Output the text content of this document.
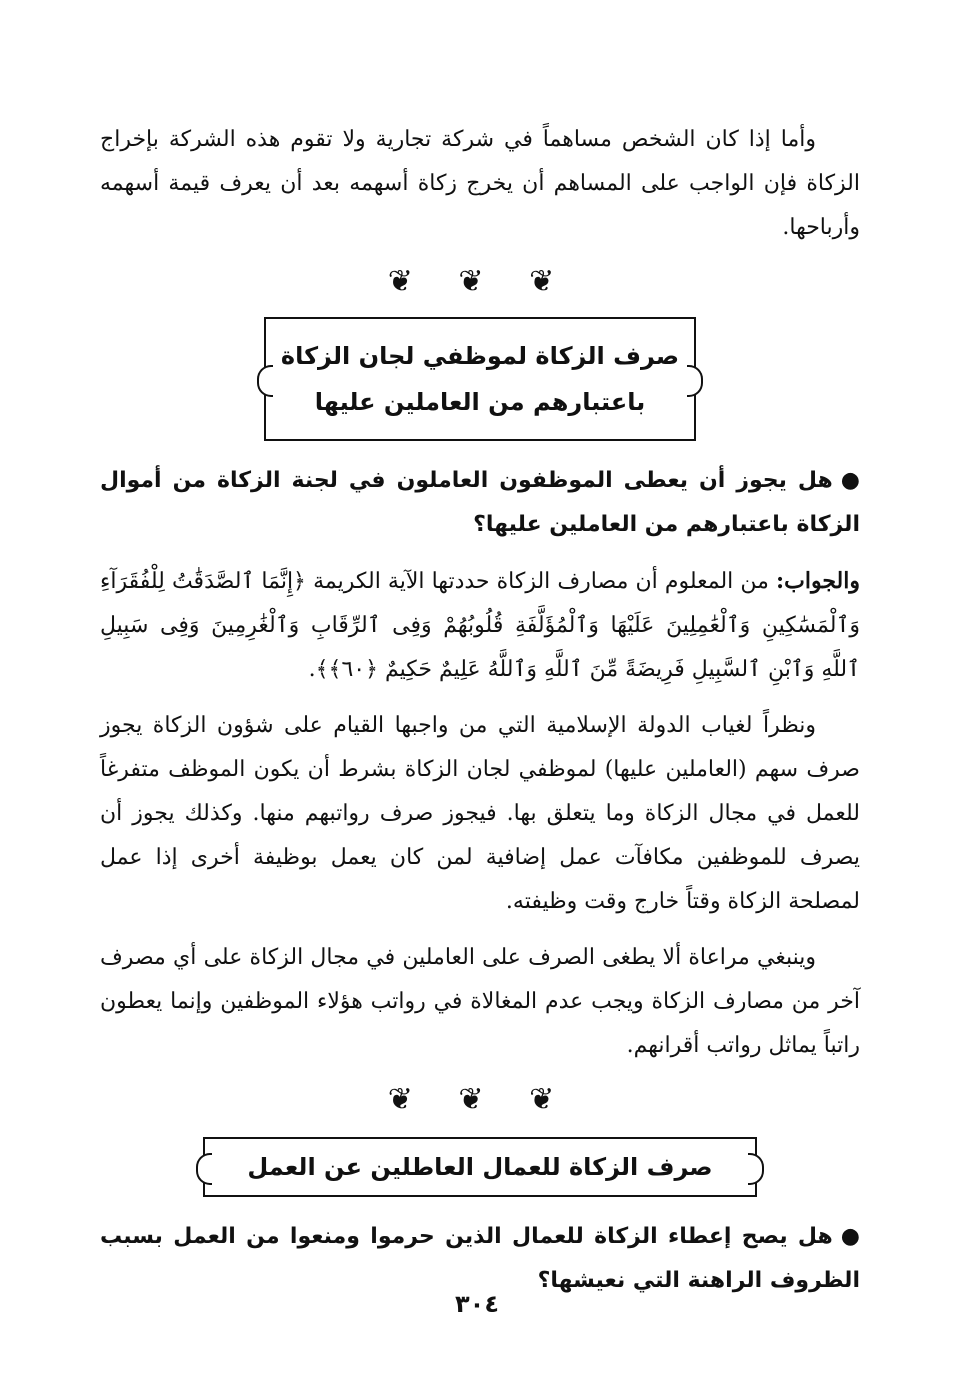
وأما إذا كان الشخص مساهماً في شركة تجارية ولا تقوم هذه الشركة بإخراج الزكاة فإن الواجب على المساهم أن يخرج زكاة أسهمه بعد أن يعرف قيمة أسهمه وأرباحها.

❦ ❦ ❦
صرف الزكاة لموظفي لجان الزكاة
باعتبارهم من العاملين عليها
●هل يجوز أن يعطى الموظفون العاملون في لجنة الزكاة من أموال الزكاة باعتبارهم من العاملين عليها؟

والجواب: من المعلوم أن مصارف الزكاة حددتها الآية الكريمة ﴿إِنَّمَا ٱلصَّدَقَٰتُ لِلْفُقَرَآءِ وَٱلْمَسَٰكِينِ وَٱلْعَٰمِلِينَ عَلَيْهَا وَٱلْمُؤَلَّفَةِ قُلُوبُهُمْ وَفِى ٱلرِّقَابِ وَٱلْغَٰرِمِينَ وَفِى سَبِيلِ ٱللَّهِ وَٱبْنِ ٱلسَّبِيلِ فَرِيضَةً مِّنَ ٱللَّهِ وَٱللَّهُ عَلِيمٌ حَكِيمٌ ﴿٦٠﴾﴾.

ونظراً لغياب الدولة الإسلامية التي من واجبها القيام على شؤون الزكاة يجوز صرف سهم (العاملين عليها) لموظفي لجان الزكاة بشرط أن يكون الموظف متفرغاً للعمل في مجال الزكاة وما يتعلق بها. فيجوز صرف رواتبهم منها. وكذلك يجوز أن يصرف للموظفين مكافآت عمل إضافية لمن كان يعمل بوظيفة أخرى إذا عمل لمصلحة الزكاة وقتاً خارج وقت وظيفته.

وينبغي مراعاة ألا يطغى الصرف على العاملين في مجال الزكاة على أي مصرف آخر من مصارف الزكاة ويجب عدم المغالاة في رواتب هؤلاء الموظفين وإنما يعطون راتباً يماثل رواتب أقرانهم.

❦ ❦ ❦
صرف الزكاة للعمال العاطلين عن العمل
●هل يصح إعطاء الزكاة للعمال الذين حرموا ومنعوا من العمل بسبب الظروف الراهنة التي نعيشها؟
٣٠٤
